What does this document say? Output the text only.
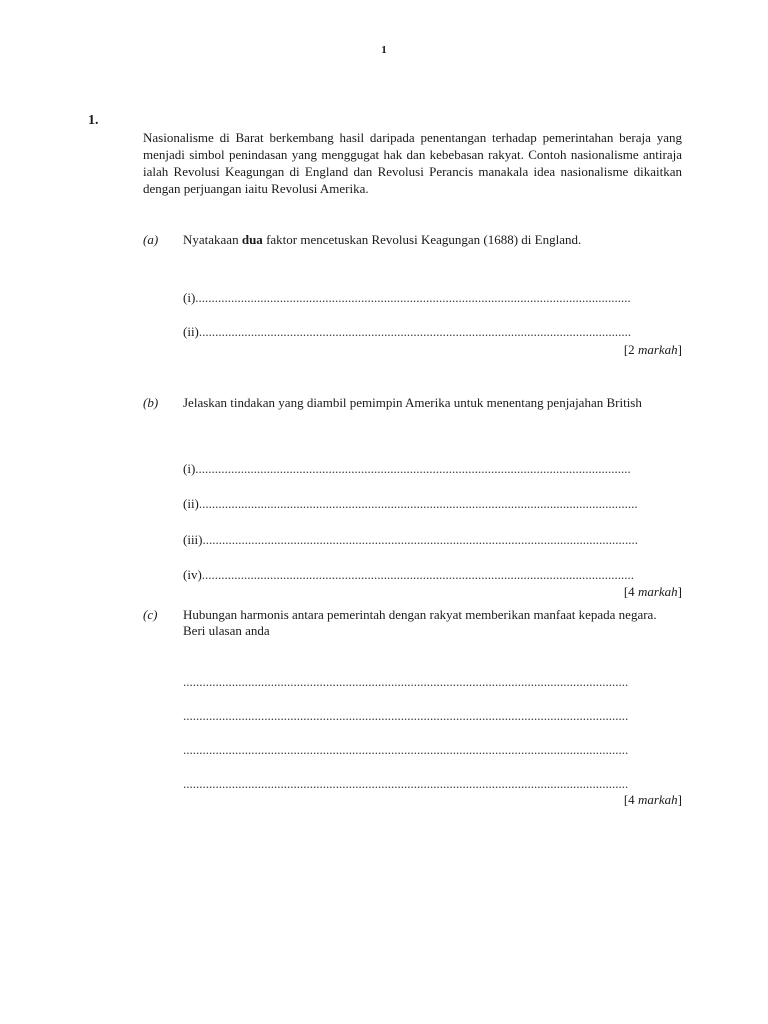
1
1.
Nasionalisme di Barat berkembang hasil daripada penentangan terhadap pemerintahan beraja yang menjadi simbol penindasan yang menggugat hak dan kebebasan rakyat. Contoh nasionalisme antiraja ialah Revolusi Keagungan di England dan Revolusi Perancis manakala idea nasionalisme dikaitkan dengan perjuangan iaitu Revolusi Amerika.
(a) Nyatakaan dua faktor mencetuskan Revolusi Keagungan (1688) di England.
(i)......................................................................................................................................
(ii).....................................................................................................................................
[2 markah]
(b) Jelaskan tindakan yang diambil pemimpin Amerika untuk menentang penjajahan British
(i)......................................................................................................................................
(ii).......................................................................................................................................
(iii)......................................................................................................................................
(iv).....................................................................................................................................
[4 markah]
(c) Hubungan harmonis antara pemerintah dengan rakyat memberikan manfaat kepada negara.
Beri ulasan anda
.........................................................................................................................................
.........................................................................................................................................
.........................................................................................................................................
.........................................................................................................................................
[4 markah]
